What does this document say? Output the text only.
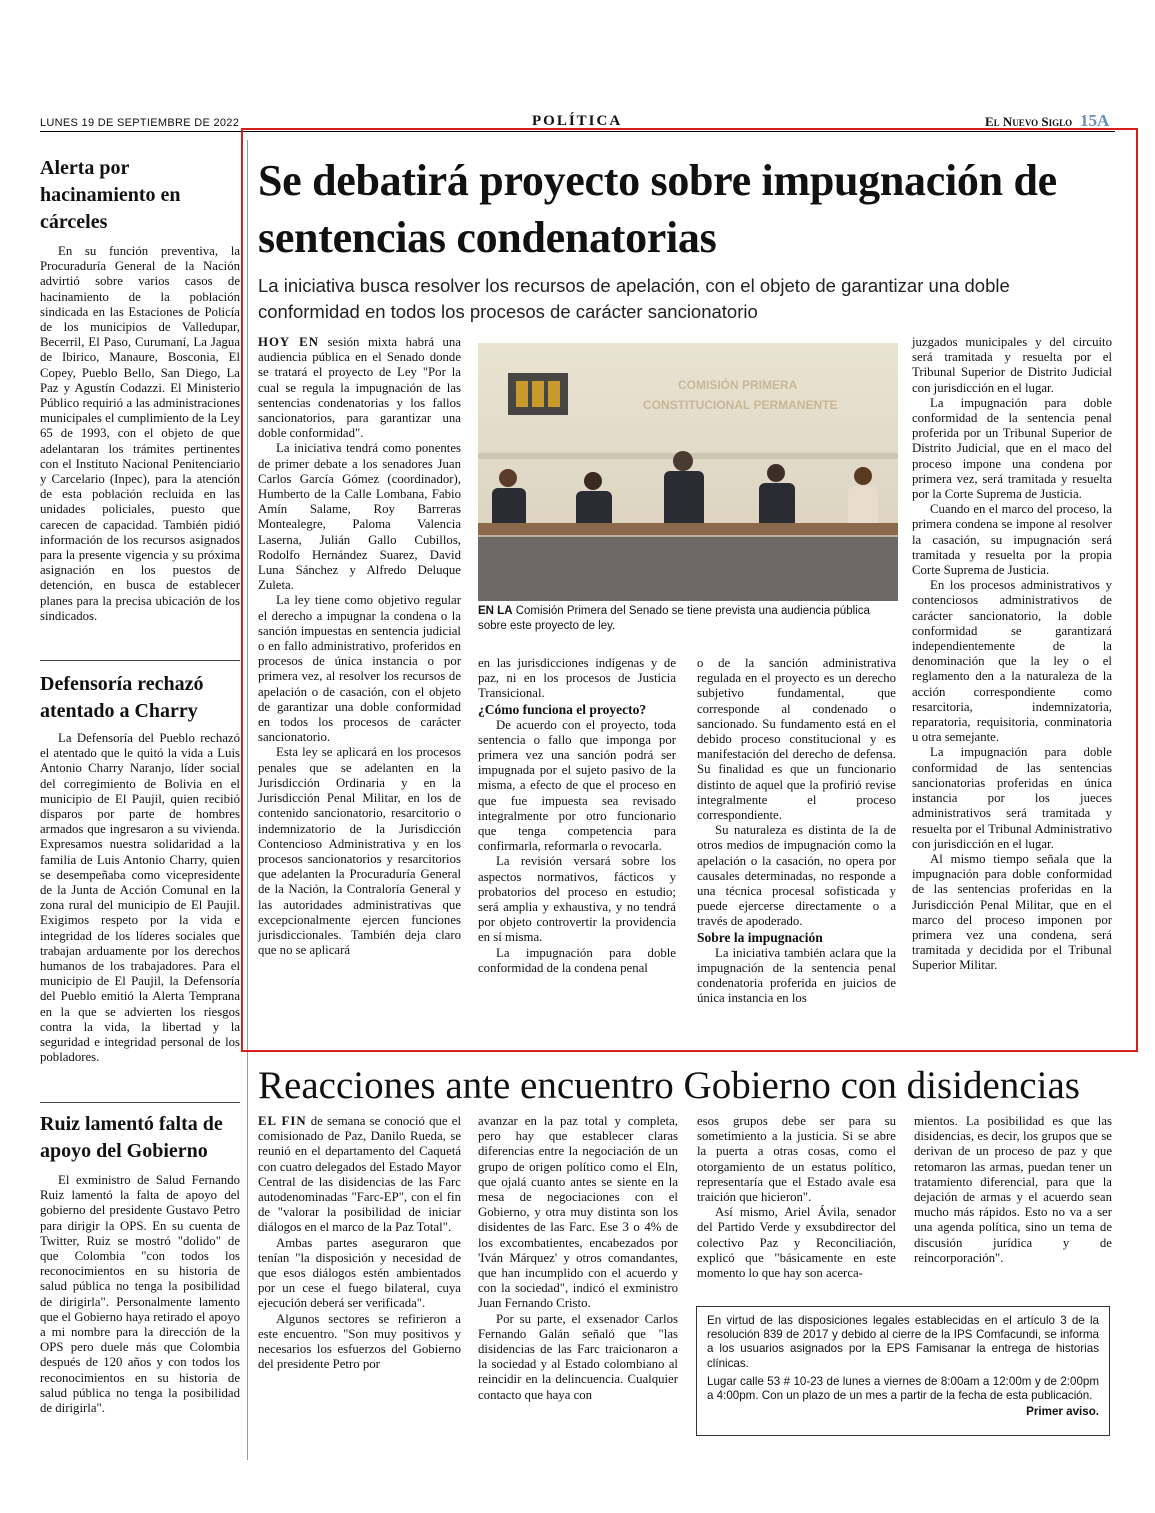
LUNES 19 DE SEPTIEMBRE DE 2022	POLÍTICA	El Nuevo Siglo 15A
Alerta por hacinamiento en cárceles

En su función preventiva, la Procuraduría General de la Nación advirtió sobre varios casos de hacinamiento de la población sindicada en las Estaciones de Policía de los municipios de Valledupar, Becerril, El Paso, Curumaní, La Jagua de Ibirico, Manaure, Bosconia, El Copey, Pueblo Bello, San Diego, La Paz y Agustín Codazzi. El Ministerio Público requirió a las administraciones municipales el cumplimiento de la Ley 65 de 1993, con el objeto de que adelantaran los trámites pertinentes con el Instituto Nacional Penitenciario y Carcelario (Inpec), para la atención de esta población recluida en las unidades policiales, puesto que carecen de capacidad. También pidió información de los recursos asignados para la presente vigencia y su próxima asignación en los puestos de detención, en busca de establecer planes para la precisa ubicación de los sindicados.

Defensoría rechazó atentado a Charry

La Defensoría del Pueblo rechazó el atentado que le quitó la vida a Luis Antonio Charry Naranjo, líder social del corregimiento de Bolivia en el municipio de El Paujil, quien recibió disparos por parte de hombres armados que ingresaron a su vivienda. Expresamos nuestra solidaridad a la familia de Luis Antonio Charry, quien se desempeñaba como vicepresidente de la Junta de Acción Comunal en la zona rural del municipio de El Paujil. Exigimos respeto por la vida e integridad de los líderes sociales que trabajan arduamente por los derechos humanos de los trabajadores. Para el municipio de El Paujil, la Defensoría del Pueblo emitió la Alerta Temprana en la que se advierten los riesgos contra la vida, la libertad y la seguridad e integridad personal de los pobladores.

Ruiz lamentó falta de apoyo del Gobierno

El exministro de Salud Fernando Ruiz lamentó la falta de apoyo del gobierno del presidente Gustavo Petro para dirigir la OPS. En su cuenta de Twitter, Ruiz se mostró "dolido" de que Colombia "con todos los reconocimientos en su historia de salud pública no tenga la posibilidad de dirigirla". Personalmente lamento que el Gobierno haya retirado el apoyo a mi nombre para la dirección de la OPS pero duele más que Colombia después de 120 años y con todos los reconocimientos en su historia de salud pública no tenga la posibilidad de dirigirla".

Se debatirá proyecto sobre impugnación de sentencias condenatorias
La iniciativa busca resolver los recursos de apelación, con el objeto de garantizar una doble conformidad en todos los procesos de carácter sancionatorio

HOY EN sesión mixta habrá una audiencia pública en el Senado donde se tratará el proyecto de Ley "Por la cual se regula la impugnación de las sentencias condenatorias y los fallos sancionatorios, para garantizar una doble conformidad".

La iniciativa tendrá como ponentes de primer debate a los senadores Juan Carlos García Gómez (coordinador), Humberto de la Calle Lombana, Fabio Amín Salame, Roy Barreras Montealegre, Paloma Valencia Laserna, Julián Gallo Cubillos, Rodolfo Hernández Suarez, David Luna Sánchez y Alfredo Deluque Zuleta.

La ley tiene como objetivo regular el derecho a impugnar la condena o la sanción impuestas en sentencia judicial o en fallo administrativo, proferidos en procesos de única instancia o por primera vez, al resolver los recursos de apelación o de casación, con el objeto de garantizar una doble conformidad en todos los procesos de carácter sancionatorio.

Esta ley se aplicará en los procesos penales que se adelanten en la Jurisdicción Ordinaria y en la Jurisdicción Penal Militar, en los de contenido sancionatorio, resarcitorio o indemnizatorio de la Jurisdicción Contencioso Administrativa y en los procesos sancionatorios y resarcitorios que adelanten la Procuraduría General de la Nación, la Contraloría General y las autoridades administrativas que excepcionalmente ejercen funciones jurisdiccionales. También deja claro que no se aplicará

COMISIÓN PRIMERA
CONSTITUCIONAL PERMANENTE
EN LA Comisión Primera del Senado se tiene prevista una audiencia pública sobre este proyecto de ley.

en las jurisdicciones indígenas y de paz, ni en los procesos de Justicia Transicional.

¿Cómo funciona el proyecto?

De acuerdo con el proyecto, toda sentencia o fallo que imponga por primera vez una sanción podrá ser impugnada por el sujeto pasivo de la misma, a efecto de que el proceso en que fue impuesta sea revisado integralmente por otro funcionario que tenga competencia para confirmarla, reformarla o revocarla.

La revisión versará sobre los aspectos normativos, fácticos y probatorios del proceso en estudio; será amplia y exhaustiva, y no tendrá por objeto controvertir la providencia en sí misma.

La impugnación para doble conformidad de la condena penal

o de la sanción administrativa regulada en el proyecto es un derecho subjetivo fundamental, que corresponde al condenado o sancionado. Su fundamento está en el debido proceso constitucional y es manifestación del derecho de defensa. Su finalidad es que un funcionario distinto de aquel que la profirió revise integralmente el proceso correspondiente.

Su naturaleza es distinta de la de otros medios de impugnación como la apelación o la casación, no opera por causales determinadas, no responde a una técnica procesal sofisticada y puede ejercerse directamente o a través de apoderado.

Sobre la impugnación

La iniciativa también aclara que la impugnación de la sentencia penal condenatoria proferida en juicios de única instancia en los

juzgados municipales y del circuito será tramitada y resuelta por el Tribunal Superior de Distrito Judicial con jurisdicción en el lugar.

La impugnación para doble conformidad de la sentencia penal proferida por un Tribunal Superior de Distrito Judicial, que en el maco del proceso impone una condena por primera vez, será tramitada y resuelta por la Corte Suprema de Justicia.

Cuando en el marco del proceso, la primera condena se impone al resolver la casación, su impugnación será tramitada y resuelta por la propia Corte Suprema de Justicia.

En los procesos administrativos y contenciosos administrativos de carácter sancionatorio, la doble conformidad se garantizará independientemente de la denominación que la ley o el reglamento den a la naturaleza de la acción correspondiente como resarcitoria, indemnizatoria, reparatoria, requisitoria, conminatoria u otra semejante.

La impugnación para doble conformidad de las sentencias sancionatorias proferidas en única instancia por los jueces administrativos será tramitada y resuelta por el Tribunal Administrativo con jurisdicción en el lugar.

Al mismo tiempo señala que la impugnación para doble conformidad de las sentencias proferidas en la Jurisdicción Penal Militar, que en el marco del proceso imponen por primera vez una condena, será tramitada y decidida por el Tribunal Superior Militar.

Reacciones ante encuentro Gobierno con disidencias

EL FIN de semana se conoció que el comisionado de Paz, Danilo Rueda, se reunió en el departamento del Caquetá con cuatro delegados del Estado Mayor Central de las disidencias de las Farc autodenominadas "Farc-EP", con el fin de "valorar la posibilidad de iniciar diálogos en el marco de la Paz Total".

Ambas partes aseguraron que tenían "la disposición y necesidad de que esos diálogos estén ambientados por un cese el fuego bilateral, cuya ejecución deberá ser verificada".

Algunos sectores se refirieron a este encuentro. "Son muy positivos y necesarios los esfuerzos del Gobierno del presidente Petro por

avanzar en la paz total y completa, pero hay que establecer claras diferencias entre la negociación de un grupo de origen político como el Eln, que ojalá cuanto antes se siente en la mesa de negociaciones con el Gobierno, y otra muy distinta son los disidentes de las Farc. Ese 3 o 4% de los excombatientes, encabezados por 'Iván Márquez' y otros comandantes, que han incumplido con el acuerdo y con la sociedad", indicó el exministro Juan Fernando Cristo.

Por su parte, el exsenador Carlos Fernando Galán señaló que "las disidencias de las Farc traicionaron a la sociedad y al Estado colombiano al reincidir en la delincuencia. Cualquier contacto que haya con

esos grupos debe ser para su sometimiento a la justicia. Si se abre la puerta a otras cosas, como el otorgamiento de un estatus político, representaría que el Estado avale esa traición que hicieron".

Así mismo, Ariel Ávila, senador del Partido Verde y exsubdirector del colectivo Paz y Reconciliación, explicó que "básicamente en este momento lo que hay son acerca-

mientos. La posibilidad es que las disidencias, es decir, los grupos que se derivan de un proceso de paz y que retomaron las armas, puedan tener un tratamiento diferencial, para que la dejación de armas y el acuerdo sean mucho más rápidos. Esto no va a ser una agenda política, sino un tema de discusión jurídica y de reincorporación".

En virtud de las disposiciones legales establecidas en el artículo 3 de la resolución 839 de 2017 y debido al cierre de la IPS Comfacundi, se informa a los usuarios asignados por la EPS Famisanar la entrega de historias clínicas.
Lugar calle 53 # 10-23 de lunes a viernes de 8:00am a 12:00m y de 2:00pm a 4:00pm. Con un plazo de un mes a partir de la fecha de esta publicación.
Primer aviso.
